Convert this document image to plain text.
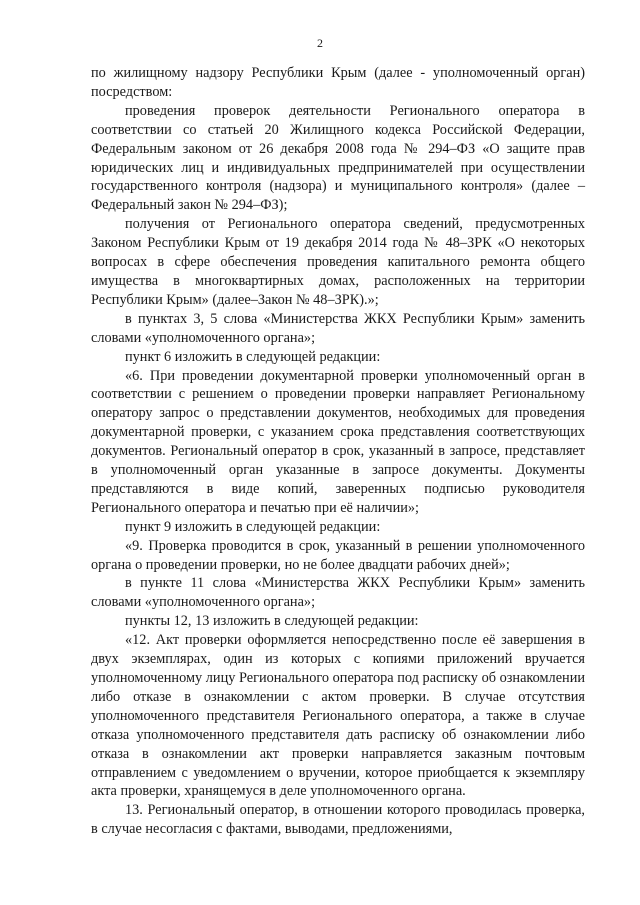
2

по жилищному надзору Республики Крым (далее - уполномоченный орган) посредством:

проведения проверок деятельности Регионального оператора в соответствии со статьей 20 Жилищного кодекса Российской Федерации, Федеральным законом от 26 декабря 2008 года № 294–ФЗ «О защите прав юридических лиц и индивидуальных предпринимателей при осуществлении государственного контроля (надзора) и муниципального контроля» (далее – Федеральный закон № 294–ФЗ);

получения от Регионального оператора сведений, предусмотренных Законом Республики Крым от 19 декабря 2014 года № 48–ЗРК «О некоторых вопросах в сфере обеспечения проведения капитального ремонта общего имущества в многоквартирных домах, расположенных на территории Республики Крым» (далее–Закон № 48–ЗРК).»;

в пунктах 3, 5 слова «Министерства ЖКХ Республики Крым» заменить словами «уполномоченного органа»;

пункт 6 изложить в следующей редакции:

«6. При проведении документарной проверки уполномоченный орган в соответствии с решением о проведении проверки направляет Региональному оператору запрос о представлении документов, необходимых для проведения документарной проверки, с указанием срока представления соответствующих документов. Региональный оператор в срок, указанный в запросе, представляет в уполномоченный орган указанные в запросе документы. Документы представляются в виде копий, заверенных подписью руководителя Регионального оператора и печатью при её наличии»;

пункт 9 изложить в следующей редакции:

«9. Проверка проводится в срок, указанный в решении уполномоченного органа о проведении проверки, но не более двадцати рабочих дней»;

в пункте 11 слова «Министерства ЖКХ Республики Крым» заменить словами «уполномоченного органа»;

пункты 12, 13 изложить в следующей редакции:

«12. Акт проверки оформляется непосредственно после её завершения в двух экземплярах, один из которых с копиями приложений вручается уполномоченному лицу Регионального оператора под расписку об ознакомлении либо отказе в ознакомлении с актом проверки. В случае отсутствия уполномоченного представителя Регионального оператора, а также в случае отказа уполномоченного представителя дать расписку об ознакомлении либо отказа в ознакомлении акт проверки направляется заказным почтовым отправлением с уведомлением о вручении, которое приобщается к экземпляру акта проверки, хранящемуся в деле уполномоченного органа.

13. Региональный оператор, в отношении которого проводилась проверка, в случае несогласия с фактами, выводами, предложениями,
